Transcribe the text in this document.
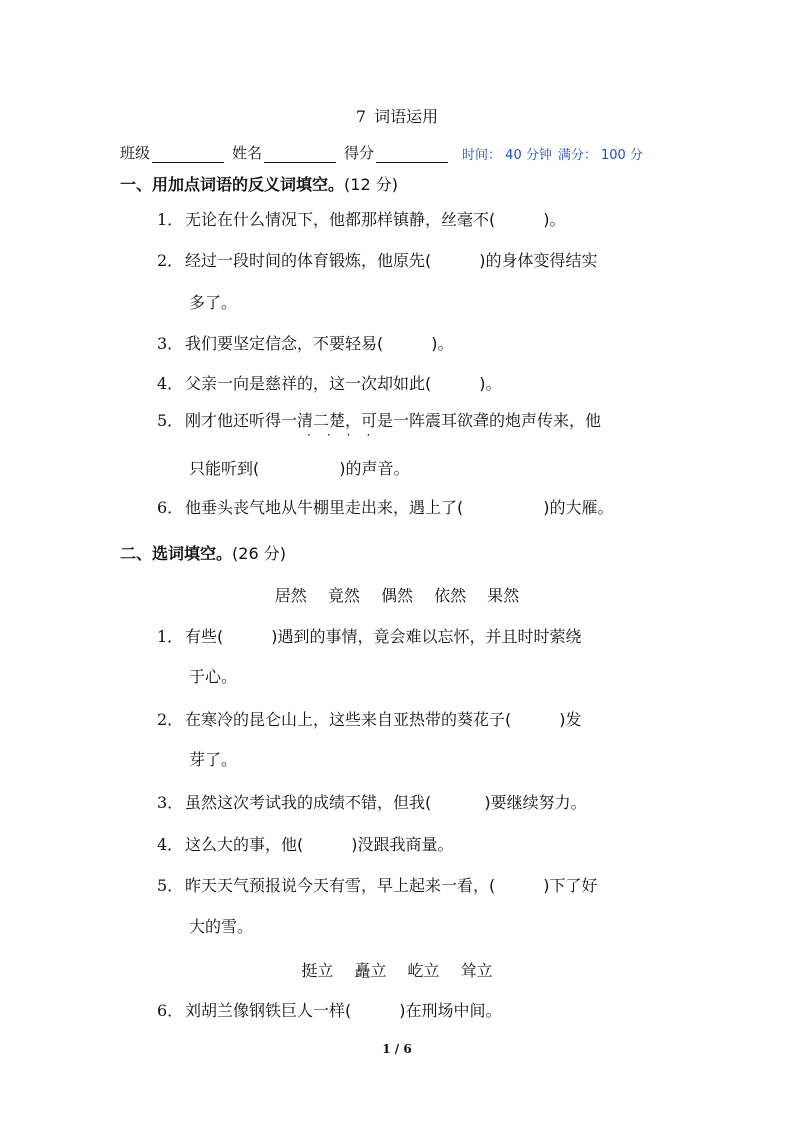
7 词语运用
班级	姓名	得分	时间： 40 分钟 满分： 100 分
一、用加点词语的反义词填空。(12 分)
1． 无论在什么情况下，他都那样镇静，丝毫不(　　　)。
2． 经过一段时间的体育锻炼，他原先(　　　)的身体变得结实
多了。
3． 我们要坚定信念，不要轻易(　　　)。
4． 父亲一向是慈祥的，这一次却如此(　　　)。
5． 刚才他还听得一清二楚，可是一阵震耳欲聋的炮声传来，他
····
只能听到(　　　　　)的声音。
6． 他垂头丧气地从牛棚里走出来，遇上了(　　　　　)的大雁。
二、选词填空。(26 分)
居然 竟然 偶然 依然 果然
1． 有些(　　　)遇到的事情，竟会难以忘怀，并且时时萦绕
于心。
2． 在寒冷的昆仑山上，这些来自亚热带的葵花子(　　　)发
芽了。
3． 虽然这次考试我的成绩不错，但我(　　　 )要继续努力。
4． 这么大的事，他(　　　)没跟我商量。
5． 昨天天气预报说今天有雪，早上起来一看，(　　　)下了好
大的雪。
挺立 矗立 屹立 耸立
6． 刘胡兰像钢铁巨人一样(　　　)在刑场中间。
1 / 6
